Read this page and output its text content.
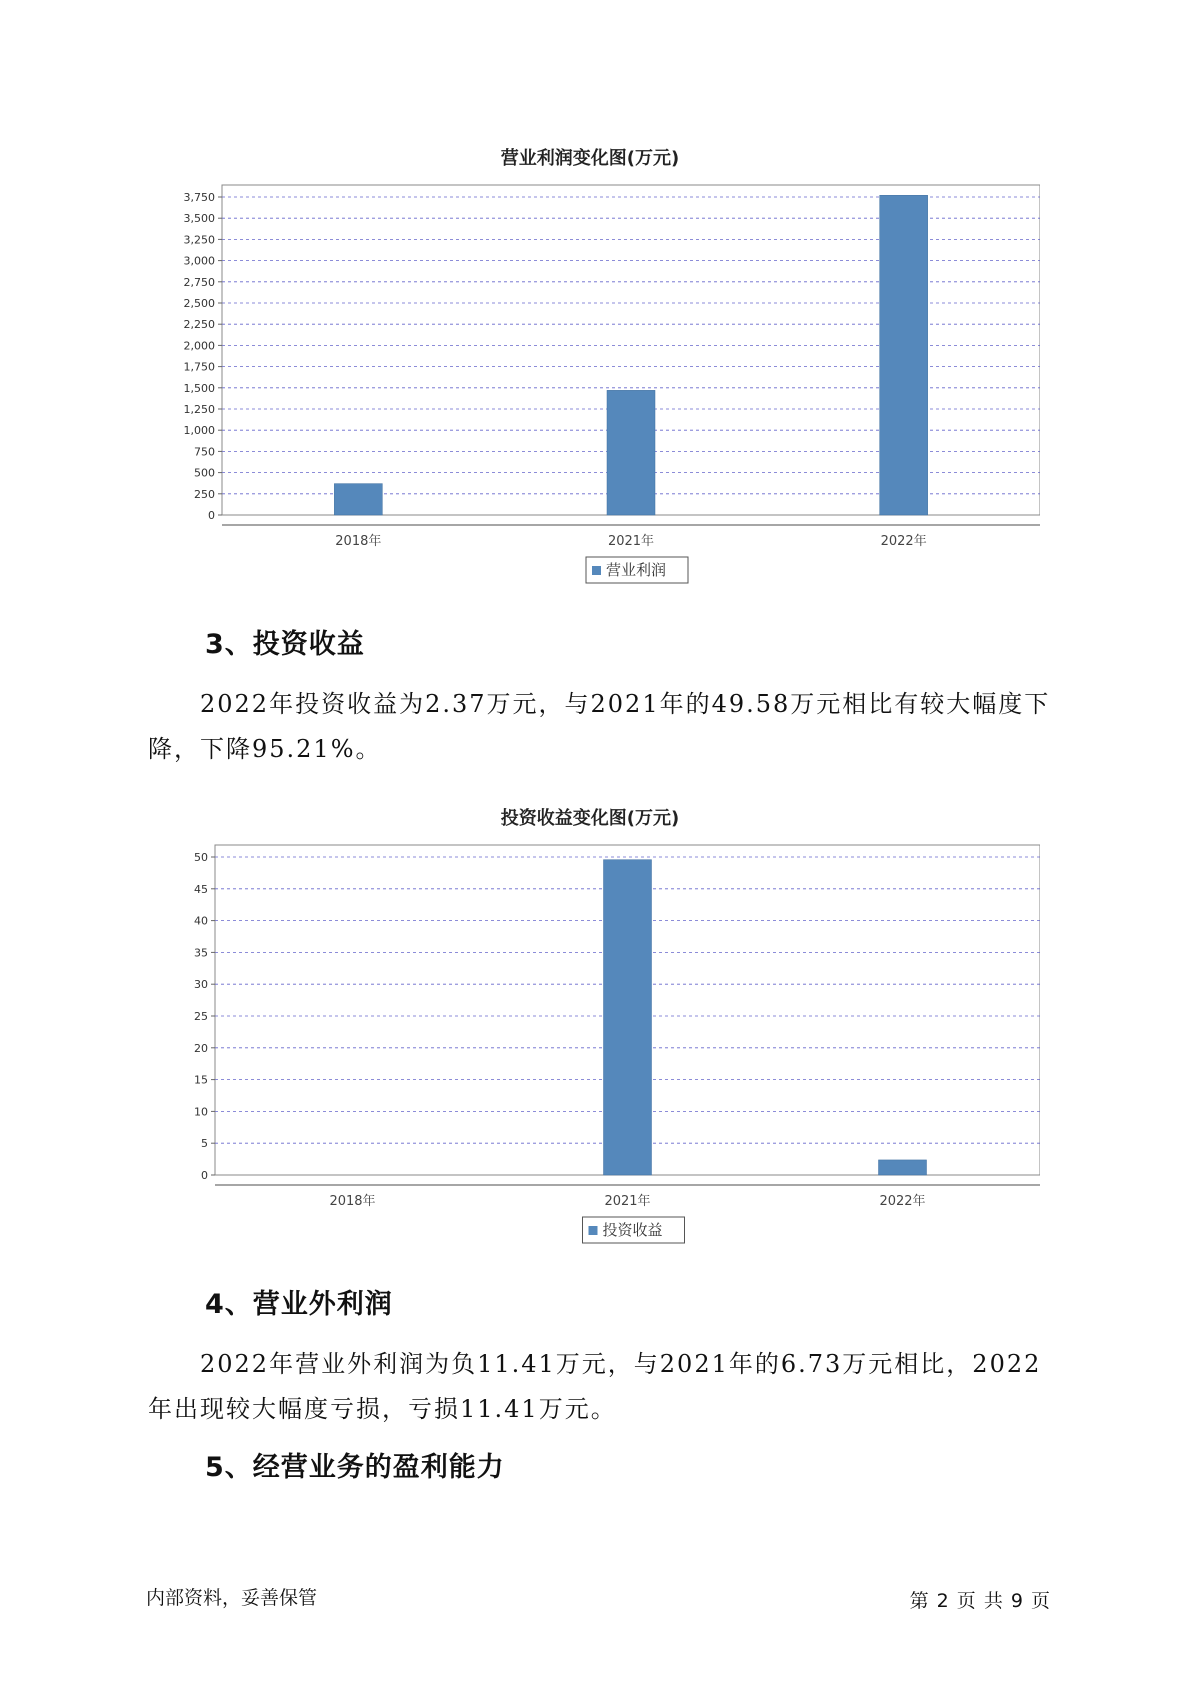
营业利润变化图(万元)
0
250
500
750
1,000
1,250
1,500
1,750
2,000
2,250
2,500
2,750
3,000
3,250
3,500
3,750
2018年	2021年	2022年
营业利润
3、投资收益
2022年投资收益为2.37万元，与2021年的49.58万元相比有较大幅度下降，下降95.21%。
投资收益变化图(万元)
0
5
10
15
20
25
30
35
40
45
50
2018年	2021年	2022年
投资收益
4、营业外利润
2022年营业外利润为负11.41万元，与2021年的6.73万元相比，2022年出现较大幅度亏损，亏损11.41万元。
5、经营业务的盈利能力
内部资料，妥善保管	第 2 页 共 9 页
